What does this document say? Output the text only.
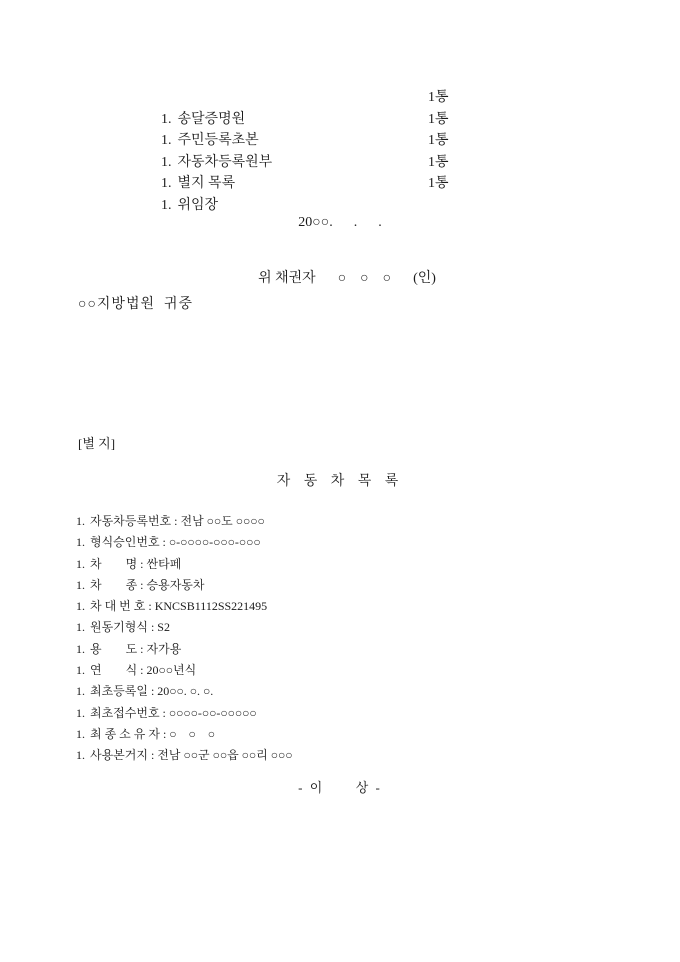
1. 송달증명원

1통

1. 주민등록초본

1통

1. 자동차등록원부

1통

1. 별지 목록

1통

1. 위임장

1통

20○○.      .      .

위 채권자 ○    ○    ○ (인)

○○지방법원  귀중
[별 지]
자 동 차 목 록
1. 자동차등록번호 : 전남 ○○도 ○○○○
1. 형식승인번호 : ○-○○○○-○○○-○○○
1. 차        명 : 싼타페
1. 차        종 : 승용자동차
1. 차 대 번 호 : KNCSB1112SS221495
1. 원동기형식 : S2
1. 용        도 : 자가용
1. 연        식 : 20○○년식
1. 최초등록일 : 20○○. ○. ○.
1. 최초접수번호 : ○○○○-○○-○○○○○
1. 최 종 소 유 자 : ○    ○    ○
1. 사용본거지 : 전남 ○○군 ○○읍 ○○리 ○○○
- 이      상 -
